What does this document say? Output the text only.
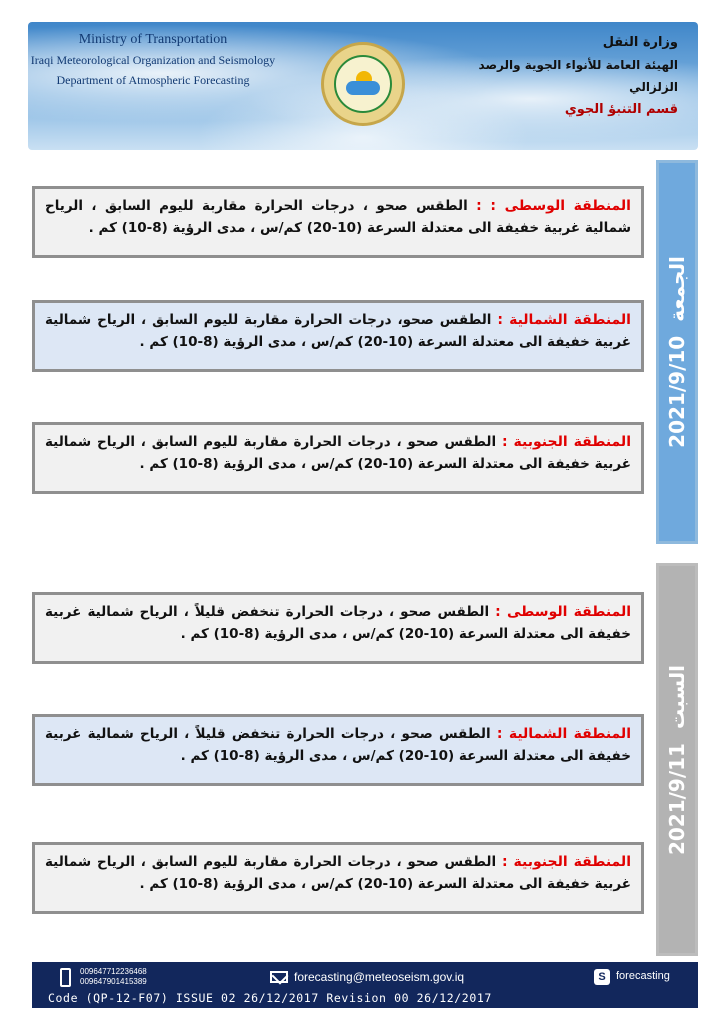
Ministry of Transportation
Iraqi Meteorological Organization and Seismology
Department of Atmospheric Forecasting
وزارة النقل
الهيئة العامة للأنواء الجوية والرصد الزلزالي
قسم التنبؤ الجوي
الجمعة2021/9/10
السبت2021/9/11
المنطقة الوسطى : : الطقس صحو ، درجات الحرارة مقاربة لليوم السابق ، الرياح شمالية غربية خفيفة الى معتدلة السرعة (10-20) كم/س ، مدى الرؤية (8-10) كم .
المنطقة الشمالية : الطقس صحو، درجات الحرارة مقاربة لليوم السابق ، الرياح شمالية غربية خفيفة الى معتدلة السرعة (10-20) كم/س ، مدى الرؤية (8-10) كم .
المنطقة الجنوبية : الطقس صحو ، درجات الحرارة مقاربة لليوم السابق ، الرياح شمالية غربية خفيفة الى معتدلة السرعة (10-20) كم/س ، مدى الرؤية (8-10) كم .
المنطقة الوسطى : الطقس صحو ، درجات الحرارة تنخفض قليلاً ، الرياح شمالية غربية خفيفة الى معتدلة السرعة (10-20) كم/س ، مدى الرؤية (8-10) كم .
المنطقة الشمالية : الطقس صحو ، درجات الحرارة تنخفض قليلاً ، الرياح شمالية غربية خفيفة الى معتدلة السرعة (10-20) كم/س ، مدى الرؤية (8-10) كم .
المنطقة الجنوبية : الطقس صحو ، درجات الحرارة مقاربة لليوم السابق ، الرياح شمالية غربية خفيفة الى معتدلة السرعة (10-20) كم/س ، مدى الرؤية (8-10) كم .
009647712236468
009647901415389	forecasting@meteoseism.gov.iq	S forecasting
Code (QP-12-F07) ISSUE 02 26/12/2017 Revision 00 26/12/2017
